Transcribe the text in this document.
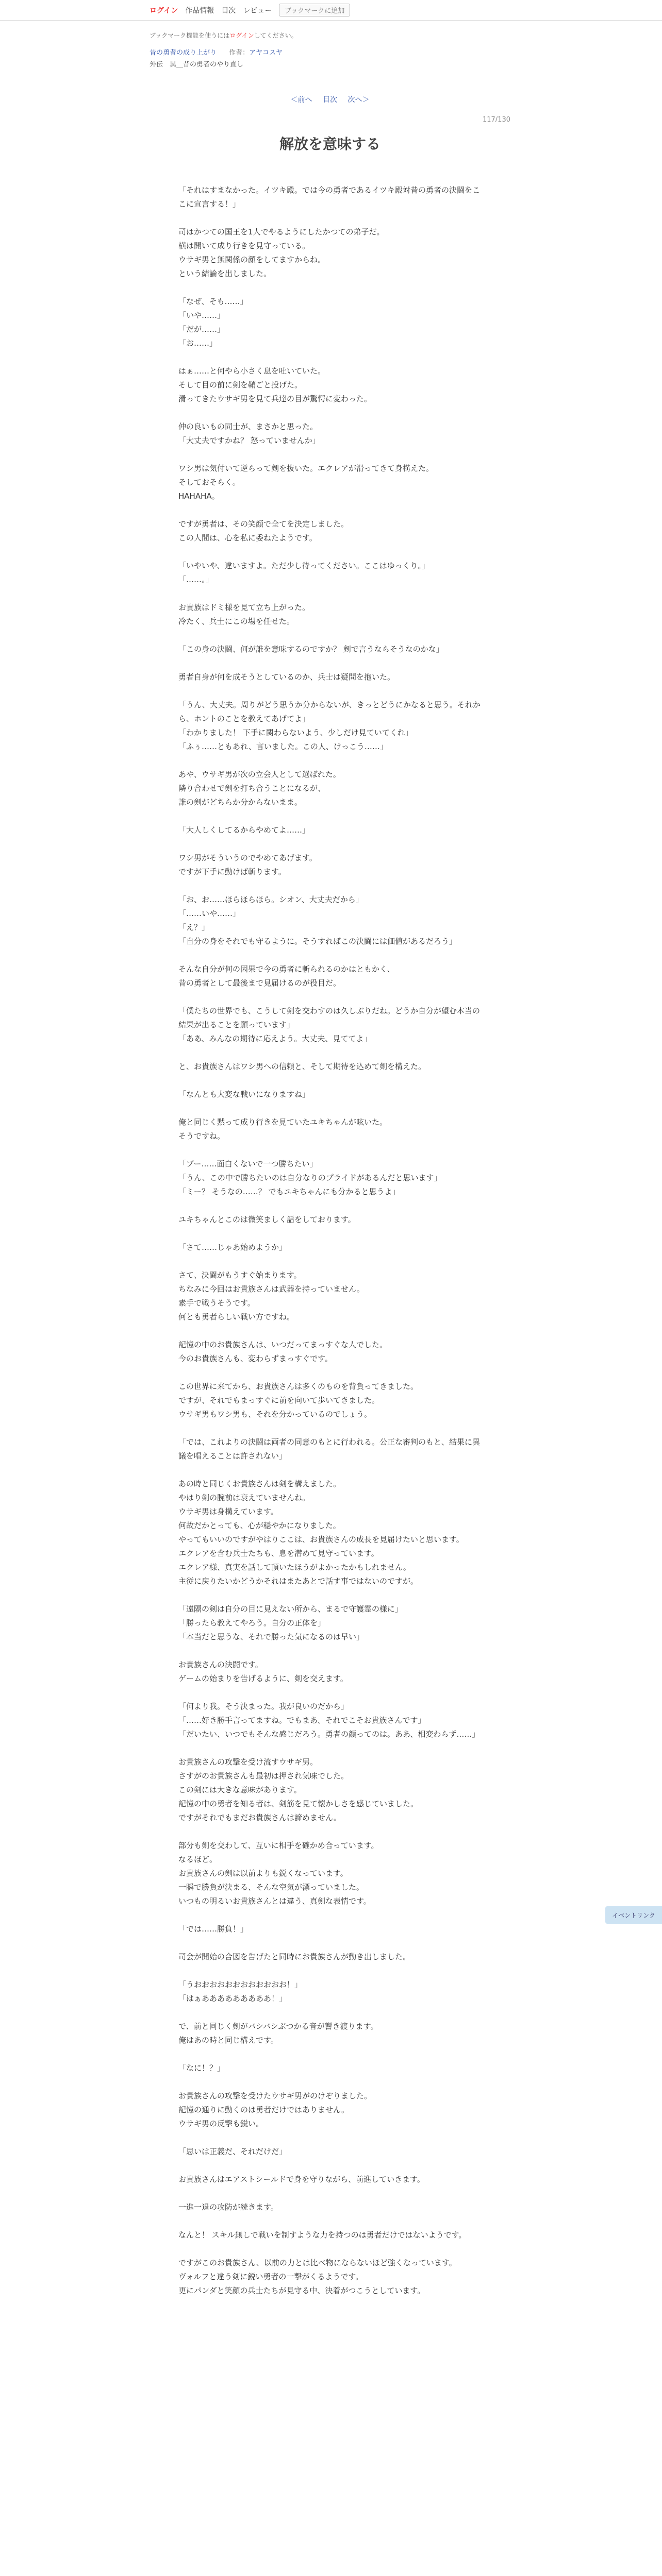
ログイン 作品情報 目次 レビュー	ブックマークに追加
ブックマーク機能を使うにはログインしてください。
昔の勇者の成り上がり 作者：アヤコスヤ
外伝　異＿昔の勇者のやり直し
＜前へ 目次 次へ＞
117/130
解放を意味する

「それはすまなかった。イツキ殿。では今の勇者であるイツキ殿対昔の勇者の決闘をここに宣言する！」

司はかつての国王を1人でやるようにしたかつての弟子だ。
横は開いて成り行きを見守っている。
ウサギ男と無関係の顔をしてますからね。
という結論を出しました。

「なぜ、そも……」
「いや……」
「だが……」
「お……」

はぁ……と何やら小さく息を吐いていた。
そして目の前に剣を鞘ごと投げた。
滑ってきたウサギ男を見て兵達の目が驚愕に変わった。

仲の良いもの同士が、まさかと思った。
「大丈夫ですかね？ 怒っていませんか」

ワシ男は気付いて逆らって剣を抜いた。エクレアが滑ってきて身構えた。
そしておそらく。
HAHAHA。

ですが勇者は、その笑顔で全てを決定しました。
この人間は、心を私に委ねたようです。

「いやいや、違いますよ。ただ少し待ってください。ここはゆっくり。」
「……。」

お貴族はドミ様を見て立ち上がった。
冷たく、兵士にこの場を任せた。

「この身の決闘、何が誰を意味するのですか？ 剣で言うならそうなのかな」

勇者自身が何を成そうとしているのか、兵士は疑問を抱いた。

「うん、大丈夫。周りがどう思うか分からないが、きっとどうにかなると思う。それから、ホントのことを教えてあげてよ」
「わかりました！ 下手に関わらないよう、少しだけ見ていてくれ」
「ふぅ……ともあれ、言いました。この人、けっこう……」

あや、ウサギ男が次の立会人として選ばれた。
隣り合わせで剣を打ち合うことになるが、
誰の剣がどちらか分からないまま。

「大人しくしてるからやめてよ……」

ワシ男がそういうのでやめてあげます。
ですが下手に動けば斬ります。

「お、お……ほらほらほら。シオン、大丈夫だから」
「……いや……」
「え？」
「自分の身をそれでも守るように。そうすればこの決闘には価値があるだろう」

そんな自分が何の因果で今の勇者に斬られるのかはともかく、
昔の勇者として最後まで見届けるのが役目だ。

「僕たちの世界でも、こうして剣を交わすのは久しぶりだね。どうか自分が望む本当の結果が出ることを願っています」
「ああ、みんなの期待に応えよう。大丈夫、見ててよ」

と、お貴族さんはワシ男への信頼と、そして期待を込めて剣を構えた。

「なんとも大変な戦いになりますね」

俺と同じく黙って成り行きを見ていたユキちゃんが呟いた。
そうですね。

「ブー……面白くないで一つ勝ちたい」
「うん、この中で勝ちたいのは自分なりのプライドがあるんだと思います」
「ミー？ そうなの……？ でもユキちゃんにも分かると思うよ」

ユキちゃんとこのは微笑ましく話をしております。

「さて……じゃあ始めようか」

さて、決闘がもうすぐ始まります。
ちなみに今回はお貴族さんは武器を持っていません。
素手で戦うそうです。
何とも勇者らしい戦い方ですね。

記憶の中のお貴族さんは、いつだってまっすぐな人でした。
今のお貴族さんも、変わらずまっすぐです。

この世界に来てから、お貴族さんは多くのものを背負ってきました。
ですが、それでもまっすぐに前を向いて歩いてきました。
ウサギ男もワシ男も、それを分かっているのでしょう。

「では、これよりの決闘は両者の同意のもとに行われる。公正な審判のもと、結果に異議を唱えることは許されない」

あの時と同じくお貴族さんは剣を構えました。
やはり剣の腕前は衰えていませんね。
ウサギ男は身構えています。
何故だかとっても、心が穏やかになりました。
やってもいいのですがやはりここは、お貴族さんの成長を見届けたいと思います。
エクレアを含む兵士たちも、息を潜めて見守っています。
エクレア様、真実を話して頂いたほうがよかったかもしれません。
主従に戻りたいかどうかそれはまたあとで話す事ではないのですが。

「遠隔の剣は自分の目に見えない所から、まるで守護霊の様に」
「勝ったら教えてやろう。自分の正体を」
「本当だと思うな、それで勝った気になるのは早い」

お貴族さんの決闘です。
ゲームの始まりを告げるように、剣を交えます。

「何より我。そう決まった。我が良いのだから」
「……好き勝手言ってますね。でもまあ、それでこそお貴族さんです」
「だいたい、いつでもそんな感じだろう。勇者の顔ってのは。ああ、相変わらず……」

お貴族さんの攻撃を受け流すウサギ男。
さすがのお貴族さんも最初は押され気味でした。
この剣には大きな意味があります。
記憶の中の勇者を知る者は、剣筋を見て懐かしさを感じていました。
ですがそれでもまだお貴族さんは諦めません。

部分も剣を交わして、互いに相手を確かめ合っています。
なるほど。
お貴族さんの剣は以前よりも鋭くなっています。
一瞬で勝負が決まる、そんな空気が漂っていました。
いつもの明るいお貴族さんとは違う、真剣な表情です。

「では……勝負！」

司会が開始の合図を告げたと同時にお貴族さんが動き出しました。

「うおおおおおおおおおおおお！」
「はぁあああああああああ！」

で、前と同じく剣がバシバシぶつかる音が響き渡ります。
俺はあの時と同じ構えです。

「なに！？」

お貴族さんの攻撃を受けたウサギ男がのけぞりました。
記憶の通りに動くのは勇者だけではありません。
ウサギ男の反撃も鋭い。

「思いは正義だ、それだけだ」

お貴族さんはエアストシールドで身を守りながら、前進していきます。

一進一退の攻防が続きます。

なんと！ スキル無しで戦いを制すような力を持つのは勇者だけではないようです。

ですがこのお貴族さん、以前の力とは比べ物にならないほど強くなっています。
ヴォルフと違う剣に鋭い勇者の一撃がくるようです。
更にパンダと笑顔の兵士たちが見守る中、決着がつこうとしています。

イベントリンク
